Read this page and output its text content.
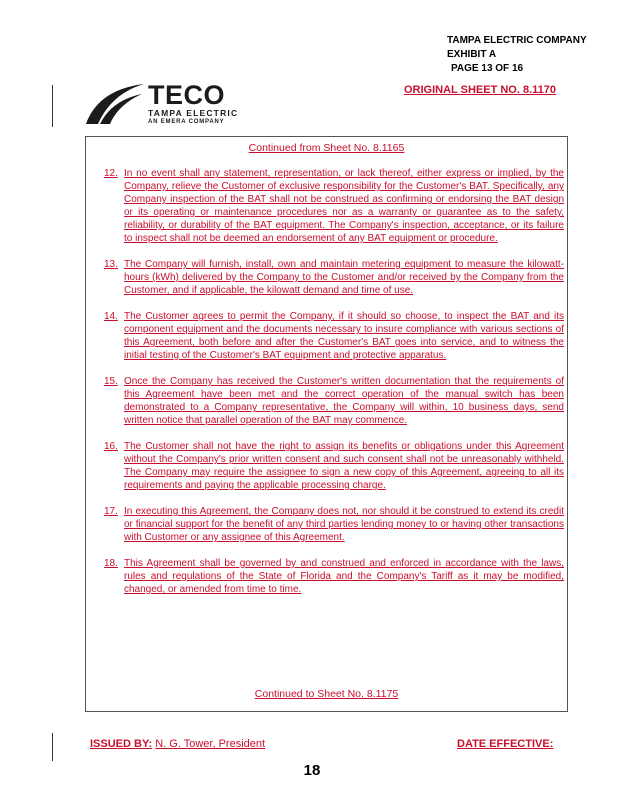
TAMPA ELECTRIC COMPANY
EXHIBIT A
PAGE 13 OF 16
ORIGINAL SHEET NO. 8.1170
TECO
TAMPA ELECTRIC
AN EMERA COMPANY
Continued from Sheet No. 8.1165
12. In no event shall any statement, representation, or lack thereof, either express or implied, by the Company, relieve the Customer of exclusive responsibility for the Customer's BAT. Specifically, any Company inspection of the BAT shall not be construed as confirming or endorsing the BAT design or its operating or maintenance procedures nor as a warranty or guarantee as to the safety, reliability, or durability of the BAT equipment. The Company's inspection, acceptance, or its failure to inspect shall not be deemed an endorsement of any BAT equipment or procedure.
13. The Company will furnish, install, own and maintain metering equipment to measure the kilowatt-hours (kWh) delivered by the Company to the Customer and/or received by the Company from the Customer, and if applicable, the kilowatt demand and time of use.
14. The Customer agrees to permit the Company, if it should so choose, to inspect the BAT and its component equipment and the documents necessary to insure compliance with various sections of this Agreement, both before and after the Customer's BAT goes into service, and to witness the initial testing of the Customer's BAT equipment and protective apparatus.
15. Once the Company has received the Customer's written documentation that the requirements of this Agreement have been met and the correct operation of the manual switch has been demonstrated to a Company representative, the Company will within, 10 business days, send written notice that parallel operation of the BAT may commence.
16. The Customer shall not have the right to assign its benefits or obligations under this Agreement without the Company's prior written consent and such consent shall not be unreasonably withheld. The Company may require the assignee to sign a new copy of this Agreement, agreeing to all its requirements and paying the applicable processing charge.
17. In executing this Agreement, the Company does not, nor should it be construed to extend its credit or financial support for the benefit of any third parties lending money to or having other transactions with Customer or any assignee of this Agreement.
18. This Agreement shall be governed by and construed and enforced in accordance with the laws, rules and regulations of the State of Florida and the Company's Tariff as it may be modified, changed, or amended from time to time.
Continued to Sheet No. 8.1175
ISSUED BY: N. G. Tower, President	DATE EFFECTIVE:
18
